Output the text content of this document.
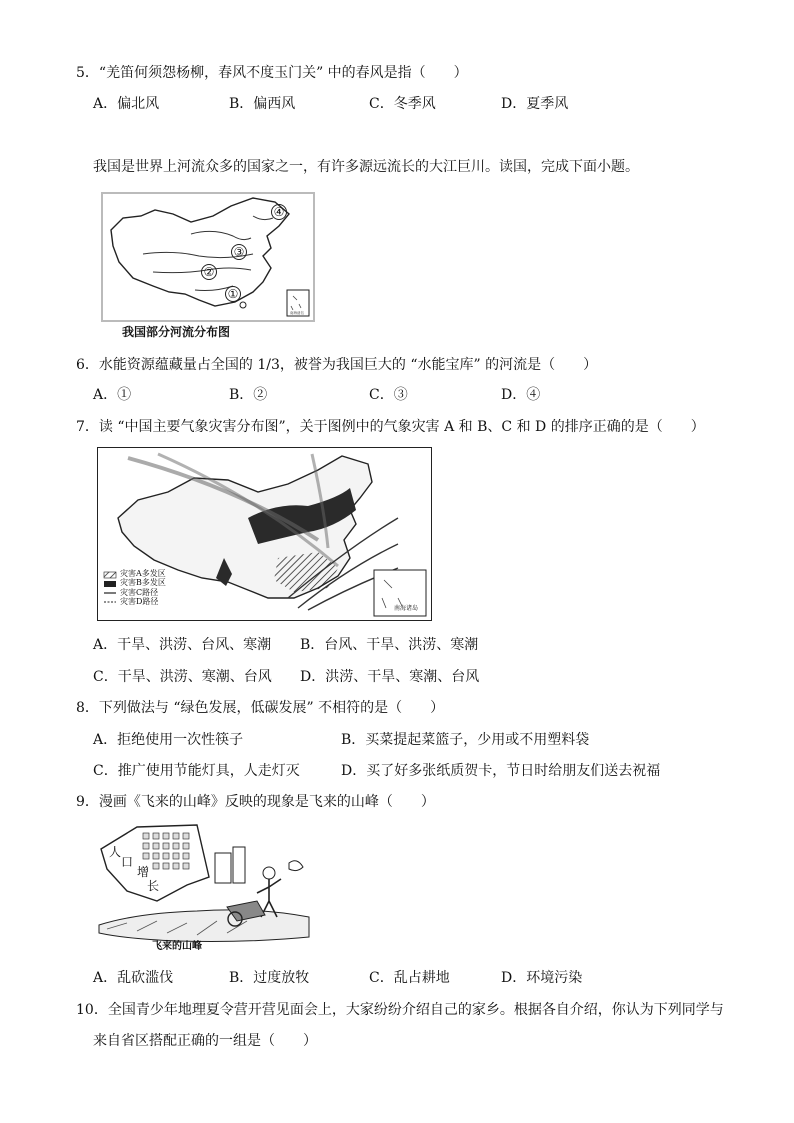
5．“羌笛何须怨杨柳，春风不度玉门关” 中的春风是指（　　）
A．偏北风	B．偏西风	C．冬季风	D．夏季风
我国是世界上河流众多的国家之一，有许多源远流长的大江巨川。读国，完成下面小题。
南海诸岛
④
③
②
①
我国部分河流分布图
6．水能资源蕴藏量占全国的 1/3，被誉为我国巨大的 “水能宝库” 的河流是（　　）
A．①	B．②	C．③	D．④
7．读 “中国主要气象灾害分布图”，关于图例中的气象灾害 A 和 B、C 和 D 的排序正确的是（　　）
灾害A多发区
灾害B多发区
灾害C路径
灾害D路径
南海诸岛
A．干旱、洪涝、台风、寒潮 B．台风、干旱、洪涝、寒潮
C．干旱、洪涝、寒潮、台风 D．洪涝、干旱、寒潮、台风
8．下列做法与 “绿色发展，低碳发展” 不相符的是（　　）
A．拒绝使用一次性筷子	B．买菜提起菜篮子，少用或不用塑料袋
C．推广使用节能灯具，人走灯灭	D．买了好多张纸质贺卡，节日时给朋友们送去祝福
9．漫画《飞来的山峰》反映的现象是飞来的山峰（　　）
人
口
增
长
飞来的山峰
A．乱砍滥伐	B．过度放牧	C．乱占耕地	D．环境污染
10．全国青少年地理夏令营开营见面会上，大家纷纷介绍自己的家乡。根据各自介绍，你认为下列同学与
来自省区搭配正确的一组是（　　）
